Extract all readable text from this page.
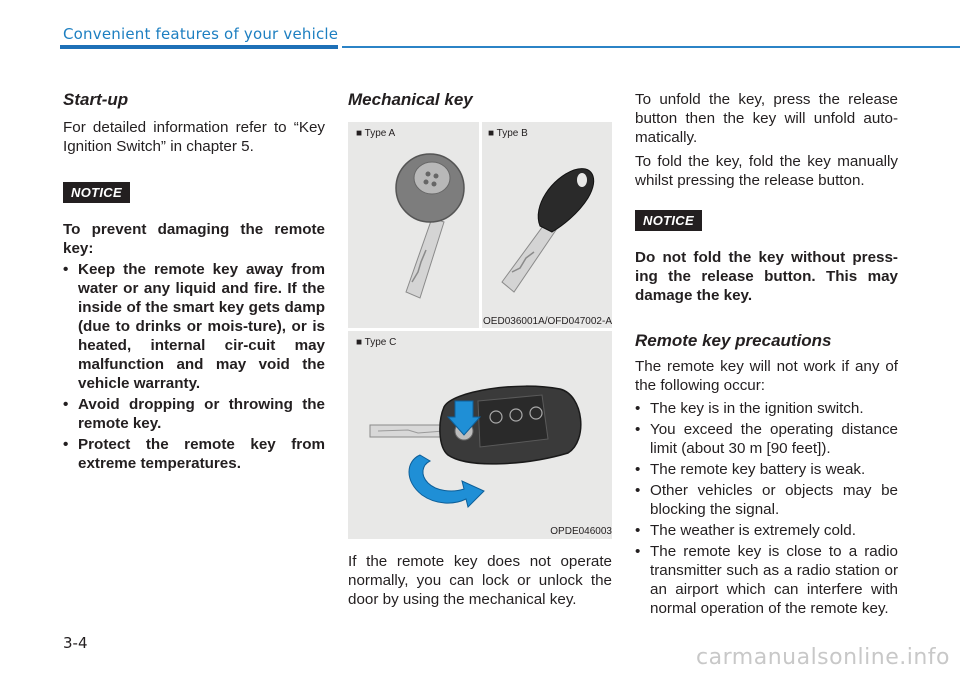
Convenient features of your vehicle
Start-up

For detailed information refer to “Key Ignition Switch” in chapter 5.

NOTICE

To prevent damaging the remote key:

• Keep the remote key away from water or any liquid and fire. If the inside of the smart key gets damp (due to drinks or mois-ture), or is heated, internal cir-cuit may malfunction and may void the vehicle warranty.
• Avoid dropping or throwing the remote key.
• Protect the remote key from extreme temperatures.
Mechanical key
■ Type A	■ Type B
OED036001A/OFD047002-A
■ Type C
OPDE046003

If the remote key does not operate normally, you can lock or unlock the door by using the mechanical key.

To unfold the key, press the release button then the key will unfold auto-matically.

To fold the key, fold the key manually whilst pressing the release button.

NOTICE

Do not fold the key without press-ing the release button. This may damage the key.

Remote key precautions

The remote key will not work if any of the following occur:

• The key is in the ignition switch.
• You exceed the operating distance limit (about 30 m [90 feet]).
• The remote key battery is weak.
• Other vehicles or objects may be blocking the signal.
• The weather is extremely cold.
• The remote key is close to a radio transmitter such as a radio station or an airport which can interfere with normal operation of the remote key.
3-4
carmanualsonline.info
